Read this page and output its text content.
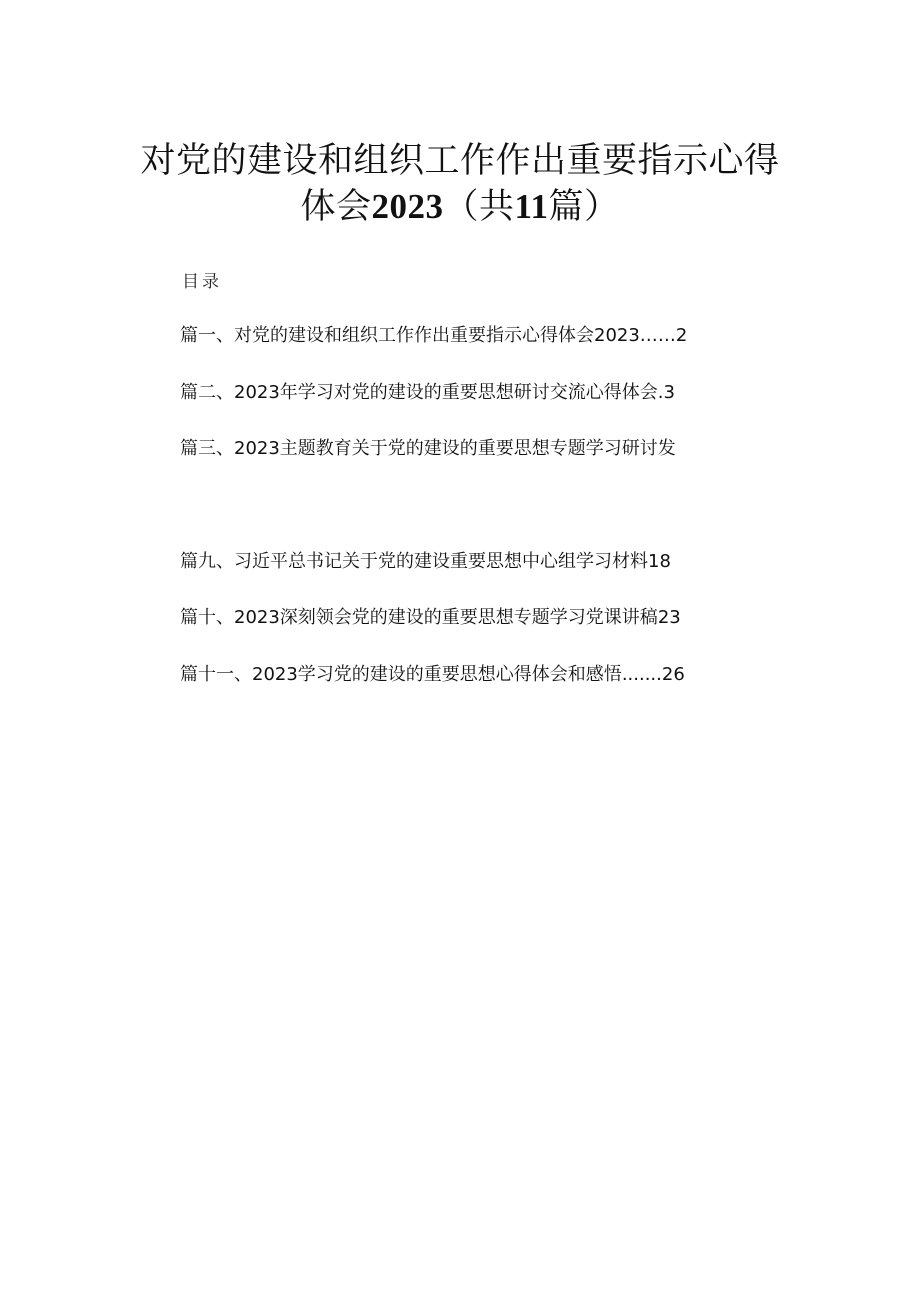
对党的建设和组织工作作出重要指示心得
体会2023（共11篇）
目录
篇一、对党的建设和组织工作作出重要指示心得体会2023……2
篇二、2023年学习对党的建设的重要思想研讨交流心得体会.3
篇三、2023主题教育关于党的建设的重要思想专题学习研讨发
篇九、习近平总书记关于党的建设重要思想中心组学习材料18
篇十、2023深刻领会党的建设的重要思想专题学习党课讲稿23
篇十一、2023学习党的建设的重要思想心得体会和感悟.......26
